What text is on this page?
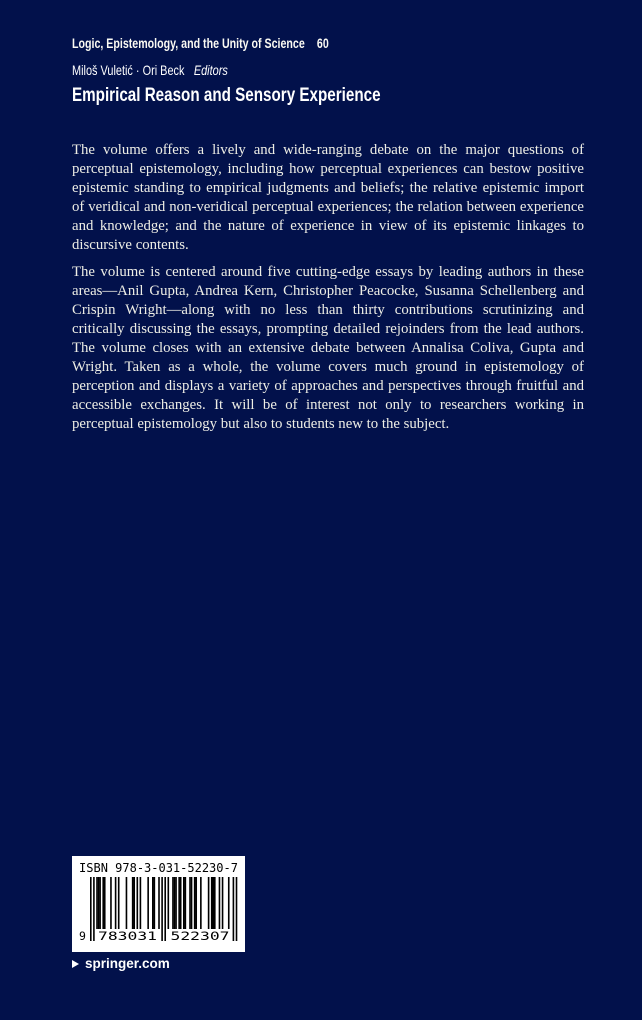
Logic, Epistemology, and the Unity of Science 60
Miloš Vuletić · Ori Beck Editors
Empirical Reason and Sensory Experience

The volume offers a lively and wide-ranging debate on the major questions of perceptual epistemology, including how perceptual experiences can bestow positive epistemic standing to empirical judgments and beliefs; the relative epistemic import of veridical and non-veridical perceptual experiences; the relation between experience and knowledge; and the nature of experience in view of its epistemic linkages to discursive contents.

The volume is centered around five cutting-edge essays by leading authors in these areas—Anil Gupta, Andrea Kern, Christopher Peacocke, Susanna Schellenberg and Crispin Wright—along with no less than thirty contributions scrutinizing and critically discussing the essays, prompting detailed rejoinders from the lead authors. The volume closes with an extensive debate between Annalisa Coliva, Gupta and Wright. Taken as a whole, the volume covers much ground in epistemology of perception and displays a variety of approaches and perspectives through fruitful and accessible exchanges. It will be of interest not only to researchers working in perceptual epistemology but also to students new to the subject.

ISBN 978-3-031-52230-7
9 783031 522307
springer.com
